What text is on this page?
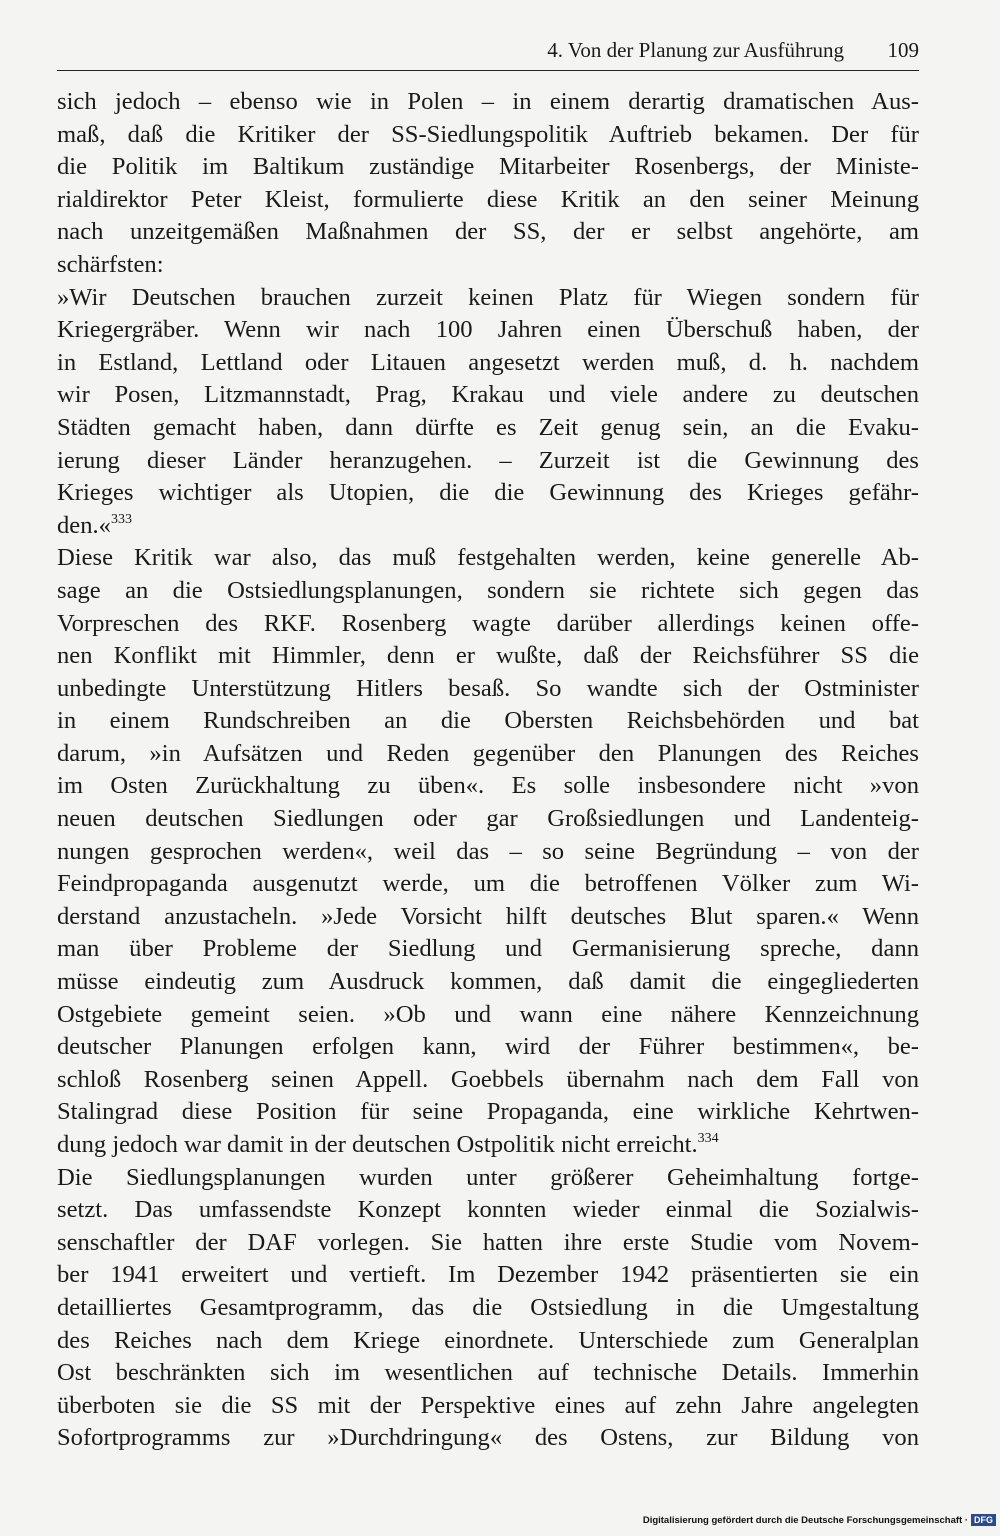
4. Von der Planung zur Ausführung 109
sich jedoch – ebenso wie in Polen – in einem derartig dramatischen Aus-
maß, daß die Kritiker der SS-Siedlungspolitik Auftrieb bekamen. Der für
die Politik im Baltikum zuständige Mitarbeiter Rosenbergs, der Ministe-
rialdirektor Peter Kleist, formulierte diese Kritik an den seiner Meinung
nach unzeitgemäßen Maßnahmen der SS, der er selbst angehörte, am
schärfsten:
»Wir Deutschen brauchen zurzeit keinen Platz für Wiegen sondern für
Kriegergräber. Wenn wir nach 100 Jahren einen Überschuß haben, der
in Estland, Lettland oder Litauen angesetzt werden muß, d. h. nachdem
wir Posen, Litzmannstadt, Prag, Krakau und viele andere zu deutschen
Städten gemacht haben, dann dürfte es Zeit genug sein, an die Evaku-
ierung dieser Länder heranzugehen. – Zurzeit ist die Gewinnung des
Krieges wichtiger als Utopien, die die Gewinnung des Krieges gefähr-
den.«$^{333}$
Diese Kritik war also, das muß festgehalten werden, keine generelle Ab-
sage an die Ostsiedlungsplanungen, sondern sie richtete sich gegen das
Vorpreschen des RKF. Rosenberg wagte darüber allerdings keinen offe-
nen Konflikt mit Himmler, denn er wußte, daß der Reichsführer SS die
unbedingte Unterstützung Hitlers besaß. So wandte sich der Ostminister
in einem Rundschreiben an die Obersten Reichsbehörden und bat
darum, »in Aufsätzen und Reden gegenüber den Planungen des Reiches
im Osten Zurückhaltung zu üben«. Es solle insbesondere nicht »von
neuen deutschen Siedlungen oder gar Großsiedlungen und Landenteig-
nungen gesprochen werden«, weil das – so seine Begründung – von der
Feindpropaganda ausgenutzt werde, um die betroffenen Völker zum Wi-
derstand anzustacheln. »Jede Vorsicht hilft deutsches Blut sparen.« Wenn
man über Probleme der Siedlung und Germanisierung spreche, dann
müsse eindeutig zum Ausdruck kommen, daß damit die eingegliederten
Ostgebiete gemeint seien. »Ob und wann eine nähere Kennzeichnung
deutscher Planungen erfolgen kann, wird der Führer bestimmen«, be-
schloß Rosenberg seinen Appell. Goebbels übernahm nach dem Fall von
Stalingrad diese Position für seine Propaganda, eine wirkliche Kehrtwen-
dung jedoch war damit in der deutschen Ostpolitik nicht erreicht.$^{334}$
Die Siedlungsplanungen wurden unter größerer Geheimhaltung fortge-
setzt. Das umfassendste Konzept konnten wieder einmal die Sozialwis-
senschaftler der DAF vorlegen. Sie hatten ihre erste Studie vom Novem-
ber 1941 erweitert und vertieft. Im Dezember 1942 präsentierten sie ein
detailliertes Gesamtprogramm, das die Ostsiedlung in die Umgestaltung
des Reiches nach dem Kriege einordnete. Unterschiede zum Generalplan
Ost beschränkten sich im wesentlichen auf technische Details. Immerhin
überboten sie die SS mit der Perspektive eines auf zehn Jahre angelegten
Sofortprogramms zur »Durchdringung« des Ostens, zur Bildung von
Digitalisierung gefördert durch die Deutsche Forschungsgemeinschaft · DFG
